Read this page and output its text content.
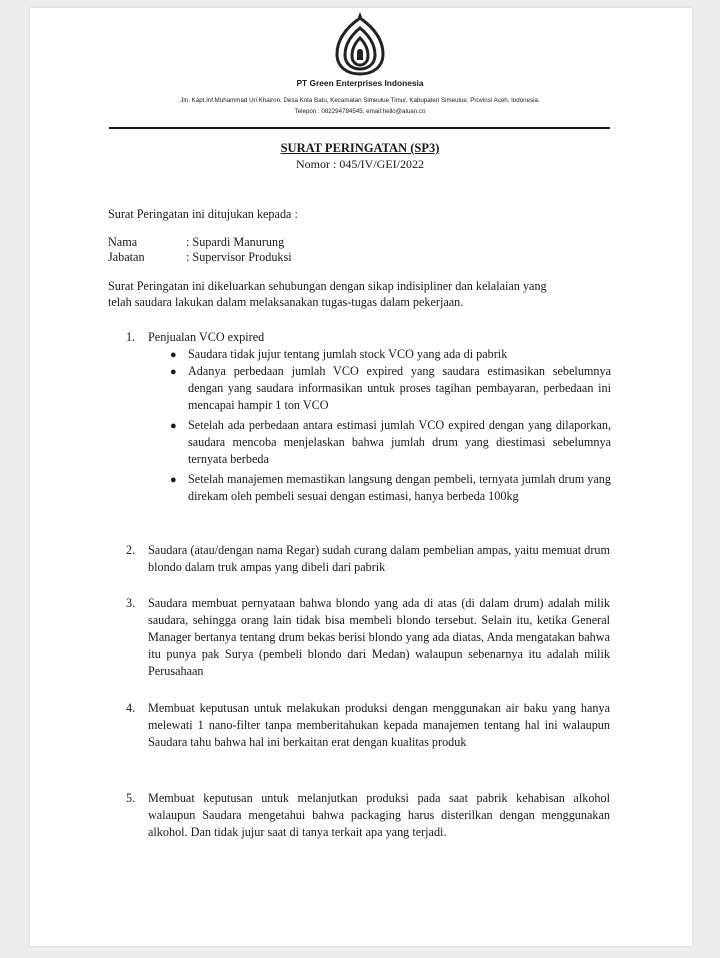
PT Green Enterprises Indonesia
Jln. Kapt.Inf.Muhammad Uri Khairon, Desa Kota Batu, Kecamatan Simeulue Timur, Kabupaten Simeulue, Provinsi Aceh, Indonesia.
Telepon : 082294784545, email:hello@aluan.co
SURAT PERINGATAN (SP3)
Nomor : 045/IV/GEI/2022
Surat Peringatan ini ditujukan kepada :
Nama	: Supardi Manurung
Jabatan	: Supervisor Produksi
Surat Peringatan ini dikeluarkan sehubungan dengan sikap indisipliner dan kelalaian yang
telah saudara lakukan dalam melaksanakan tugas-tugas dalam pekerjaan.
1. Penjualan VCO expired
● Saudara tidak jujur tentang jumlah stock VCO yang ada di pabrik
● Adanya perbedaan jumlah VCO expired yang saudara estimasikan sebelumnya dengan yang saudara informasikan untuk proses tagihan pembayaran, perbedaan ini mencapai hampir 1 ton VCO
● Setelah ada perbedaan antara estimasi jumlah VCO expired dengan yang dilaporkan, saudara mencoba menjelaskan bahwa jumlah drum yang diestimasi sebelumnya ternyata berbeda
● Setelah manajemen memastikan langsung dengan pembeli, ternyata jumlah drum yang direkam oleh pembeli sesuai dengan estimasi, hanya berbeda 100kg
2. Saudara (atau/dengan nama Regar) sudah curang dalam pembelian ampas, yaitu memuat drum blondo dalam truk ampas yang dibeli dari pabrik
3. Saudara membuat pernyataan bahwa blondo yang ada di atas (di dalam drum) adalah milik saudara, sehingga orang lain tidak bisa membeli blondo tersebut. Selain itu, ketika General Manager bertanya tentang drum bekas berisi blondo yang ada diatas, Anda mengatakan bahwa itu punya pak Surya (pembeli blondo dari Medan) walaupun sebenarnya itu adalah milik Perusahaan
4. Membuat keputusan untuk melakukan produksi dengan menggunakan air baku yang hanya melewati 1 nano-filter tanpa memberitahukan kepada manajemen tentang hal ini walaupun Saudara tahu bahwa hal ini berkaitan erat dengan kualitas produk
5. Membuat keputusan untuk melanjutkan produksi pada saat pabrik kehabisan alkohol walaupun Saudara mengetahui bahwa packaging harus disterilkan dengan menggunakan alkohol. Dan tidak jujur saat di tanya terkait apa yang terjadi.
